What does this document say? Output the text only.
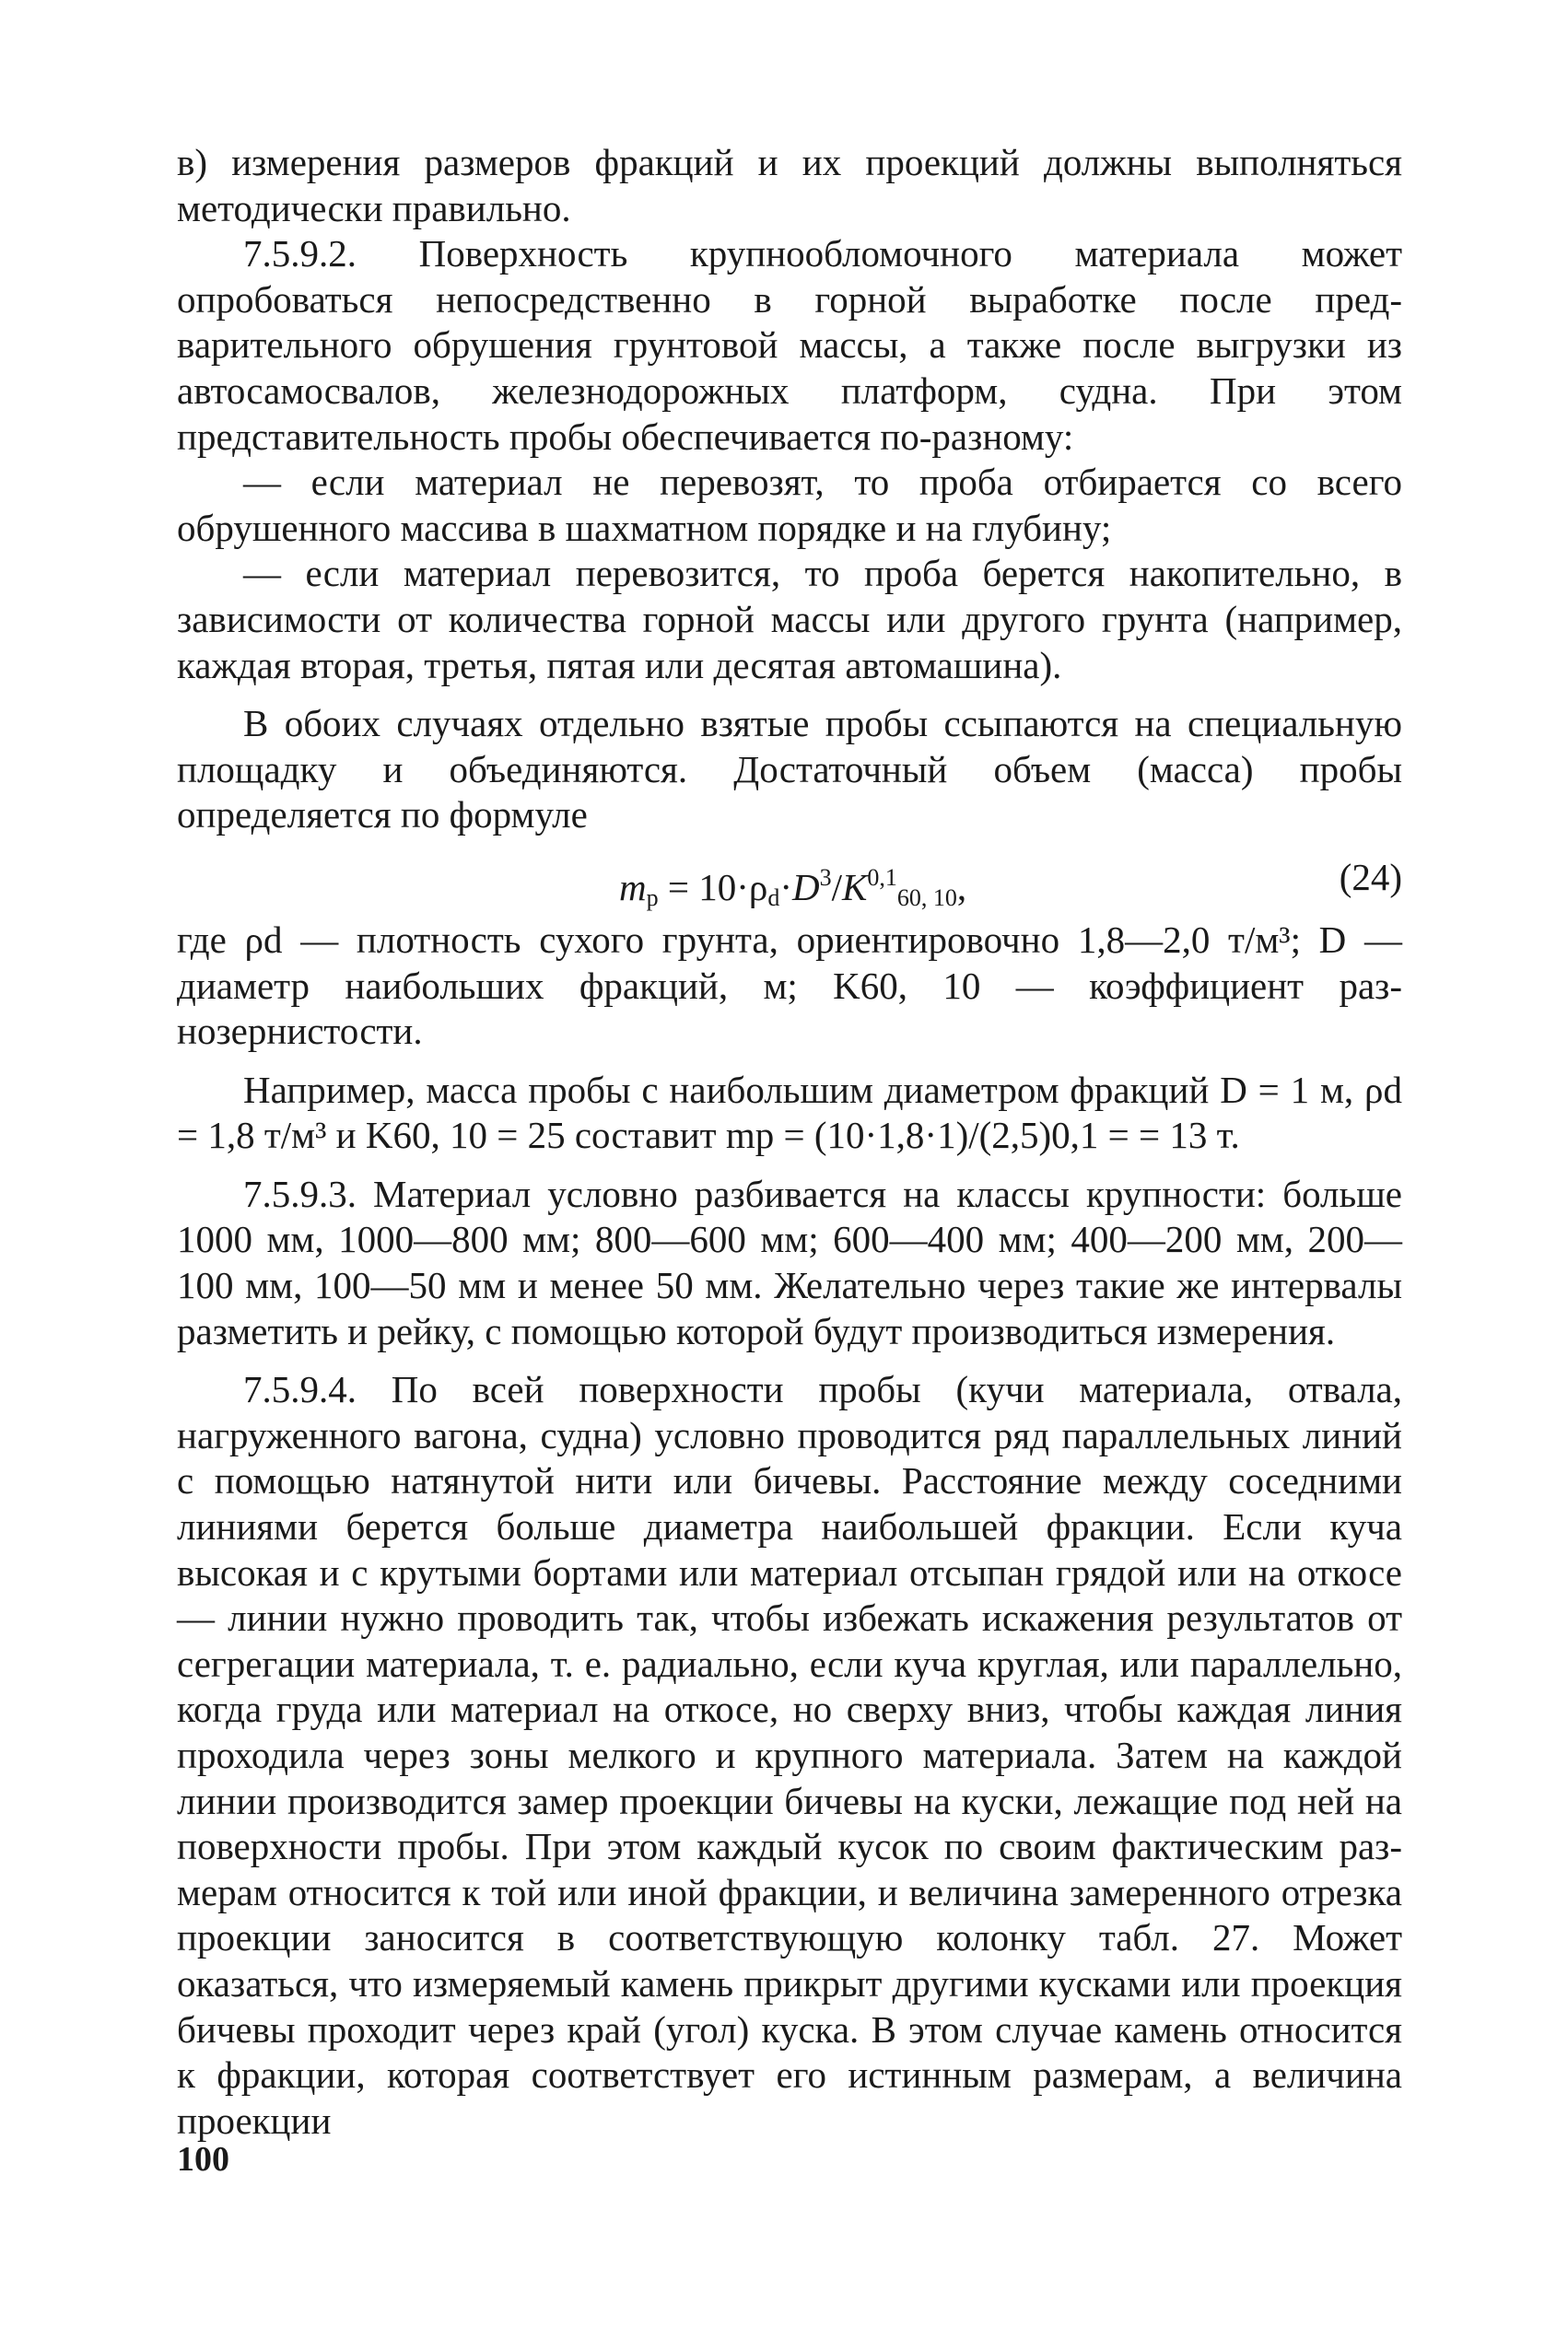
в) измерения размеров фракций и их проекций должны выполняться методически правильно.

7.5.9.2. Поверхность крупнообломочного материала может опробоваться непосредственно в горной выработке после предварительного обрушения грунтовой массы, а также после выгрузки из автосамосвалов, железнодорожных платформ, судна. При этом представительность пробы обеспечивается по-разному:

— если материал не перевозят, то проба отбирается со всего обрушенного массива в шахматном порядке и на глубину;

— если материал перевозится, то проба берется накопительно, в зависимости от количества горной массы или другого грунта (например, каждая вторая, третья, пятая или десятая автомашина).

В обоих случаях отдельно взятые пробы ссыпаются на специальную площадку и объединяются. Достаточный объем (масса) пробы определяется по формуле

mp = $10\cdot\rho d\cdot D^3/K^{0,1}60$, 10,	(24)

где ρd — плотность сухого грунта, ориентировочно 1,8—2,0 т/м³; D — диаметр наибольших фракций, м; K60, 10 — коэффициент разнозернистости.

Например, масса пробы с наибольшим диаметром фракций D = 1 м, ρd = 1,8 т/м³ и K60, 10 = 25 составит mp = (10·1,8·1)/(2,5)0,1 = = 13 т.

7.5.9.3. Материал условно разбивается на классы крупности: больше 1000 мм, 1000—800 мм; 800—600 мм; 600—400 мм; 400—200 мм, 200—100 мм, 100—50 мм и менее 50 мм. Желательно через такие же интервалы разметить и рейку, с помощью которой будут производиться измерения.

7.5.9.4. По всей поверхности пробы (кучи материала, отвала, нагруженного вагона, судна) условно проводится ряд параллельных линий с помощью натянутой нити или бичевы. Расстояние между соседними линиями берется больше диаметра наибольшей фракции. Если куча высокая и с крутыми бортами или материал отсыпан грядой или на откосе — линии нужно проводить так, чтобы избежать искажения результатов от сегрегации материала, т. е. радиально, если куча круглая, или параллельно, когда груда или материал на откосе, но сверху вниз, чтобы каждая линия проходила через зоны мелкого и крупного материала. Затем на каждой линии производится замер проекции бичевы на куски, лежащие под ней на поверхности пробы. При этом каждый кусок по своим фактическим размерам относится к той или иной фракции, и величина замеренного отрезка проекции заносится в соответствующую колонку табл. 27. Может оказаться, что измеряемый камень прикрыт другими кусками или проекция бичевы проходит через край (угол) куска. В этом случае камень относится к фракции, которая соответствует его истинным размерам, а величина проекции

100
